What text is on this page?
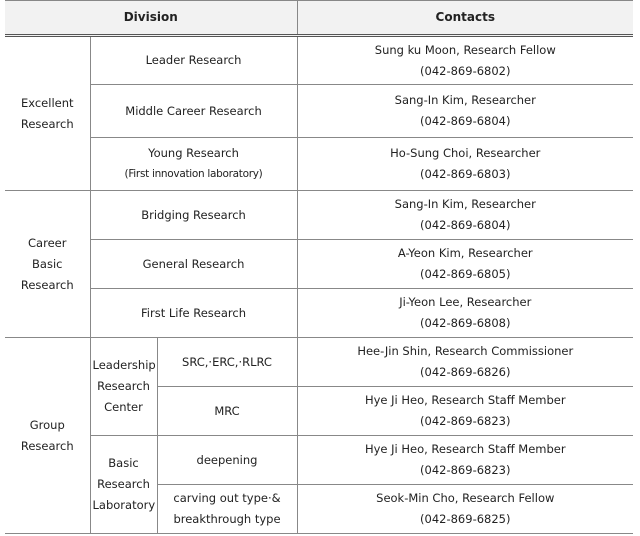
Division			Contacts

Excellent
Research	Leader Research		Sung ku Moon, Research Fellow
(042-869-6802)

	Middle Career Research		Sang-In Kim, Researcher
(042-869-6804)

	Young Research
(First innovation laboratory)		Ho-Sung Choi, Researcher
(042-869-6803)

Career
Basic
Research	Bridging Research		Sang-In Kim, Researcher
(042-869-6804)

	General Research		A-Yeon Kim, Researcher
(042-869-6805)

	First Life Research		Ji-Yeon Lee, Researcher
(042-869-6808)

Group
Research	Leadership
Research
Center	SRC,·ERC,·RLRC	Hee-Jin Shin, Research Commissioner
(042-869-6826)

		MRC	Hye Ji Heo, Research Staff Member
(042-869-6823)

	Basic
Research
Laboratory	deepening	Hye Ji Heo, Research Staff Member
(042-869-6823)

		carving out type·&
breakthrough type	Seok-Min Cho, Research Fellow
(042-869-6825)
